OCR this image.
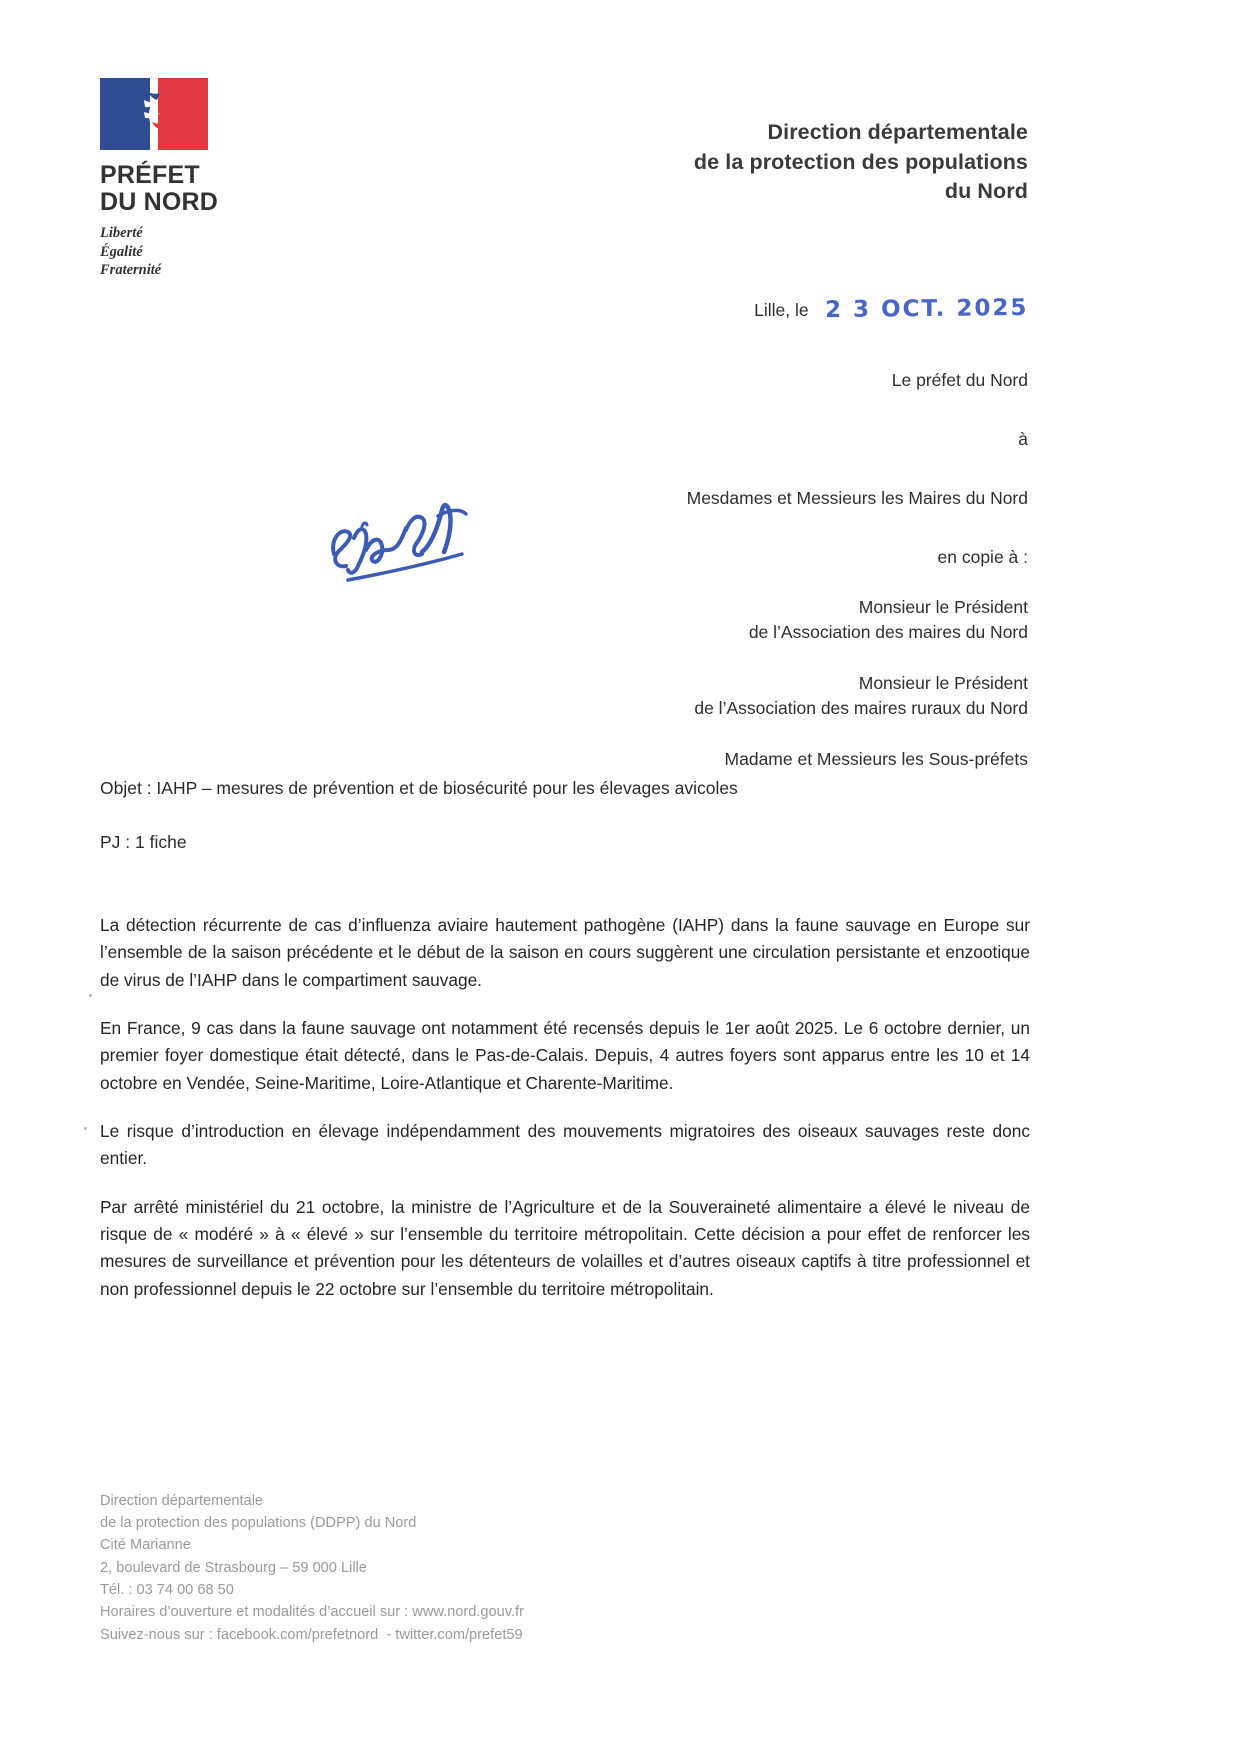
PRÉFET
DU NORD
Liberté
Égalité
Fraternité
Direction départementale
de la protection des populations
du Nord
Lille, le 2 3 OCT. 2025

Le préfet du Nord

à

Mesdames et Messieurs les Maires du Nord

en copie à :

Monsieur le Président

de l’Association des maires du Nord

Monsieur le Président

de l’Association des maires ruraux du Nord

Madame et Messieurs les Sous-préfets

Objet : IAHP – mesures de prévention et de biosécurité pour les élevages avicoles
PJ : 1 fiche

La détection récurrente de cas d’influenza aviaire hautement pathogène (IAHP) dans la faune sauvage en Europe sur l’ensemble de la saison précédente et le début de la saison en cours suggèrent une circulation persistante et enzootique de virus de l’IAHP dans le compartiment sauvage.

En France, 9 cas dans la faune sauvage ont notamment été recensés depuis le 1er août 2025. Le 6 octobre dernier, un premier foyer domestique était détecté, dans le Pas-de-Calais. Depuis, 4 autres foyers sont apparus entre les 10 et 14 octobre en Vendée, Seine-Maritime, Loire-Atlantique et Charente-Maritime.

Le risque d’introduction en élevage indépendamment des mouvements migratoires des oiseaux sauvages reste donc entier.

Par arrêté ministériel du 21 octobre, la ministre de l’Agriculture et de la Souveraineté alimentaire a élevé le niveau de risque de « modéré » à « élevé » sur l’ensemble du territoire métropolitain. Cette décision a pour effet de renforcer les mesures de surveillance et prévention pour les détenteurs de volailles et d’autres oiseaux captifs à titre professionnel et non professionnel depuis le 22 octobre sur l’ensemble du territoire métropolitain.

Direction départementale
de la protection des populations (DDPP) du Nord
Cité Marianne
2, boulevard de Strasbourg – 59 000 Lille
Tél. : 03 74 00 68 50
Horaires d’ouverture et modalités d’accueil sur : www.nord.gouv.fr
Suivez-nous sur : facebook.com/prefetnord  - twitter.com/prefet59
